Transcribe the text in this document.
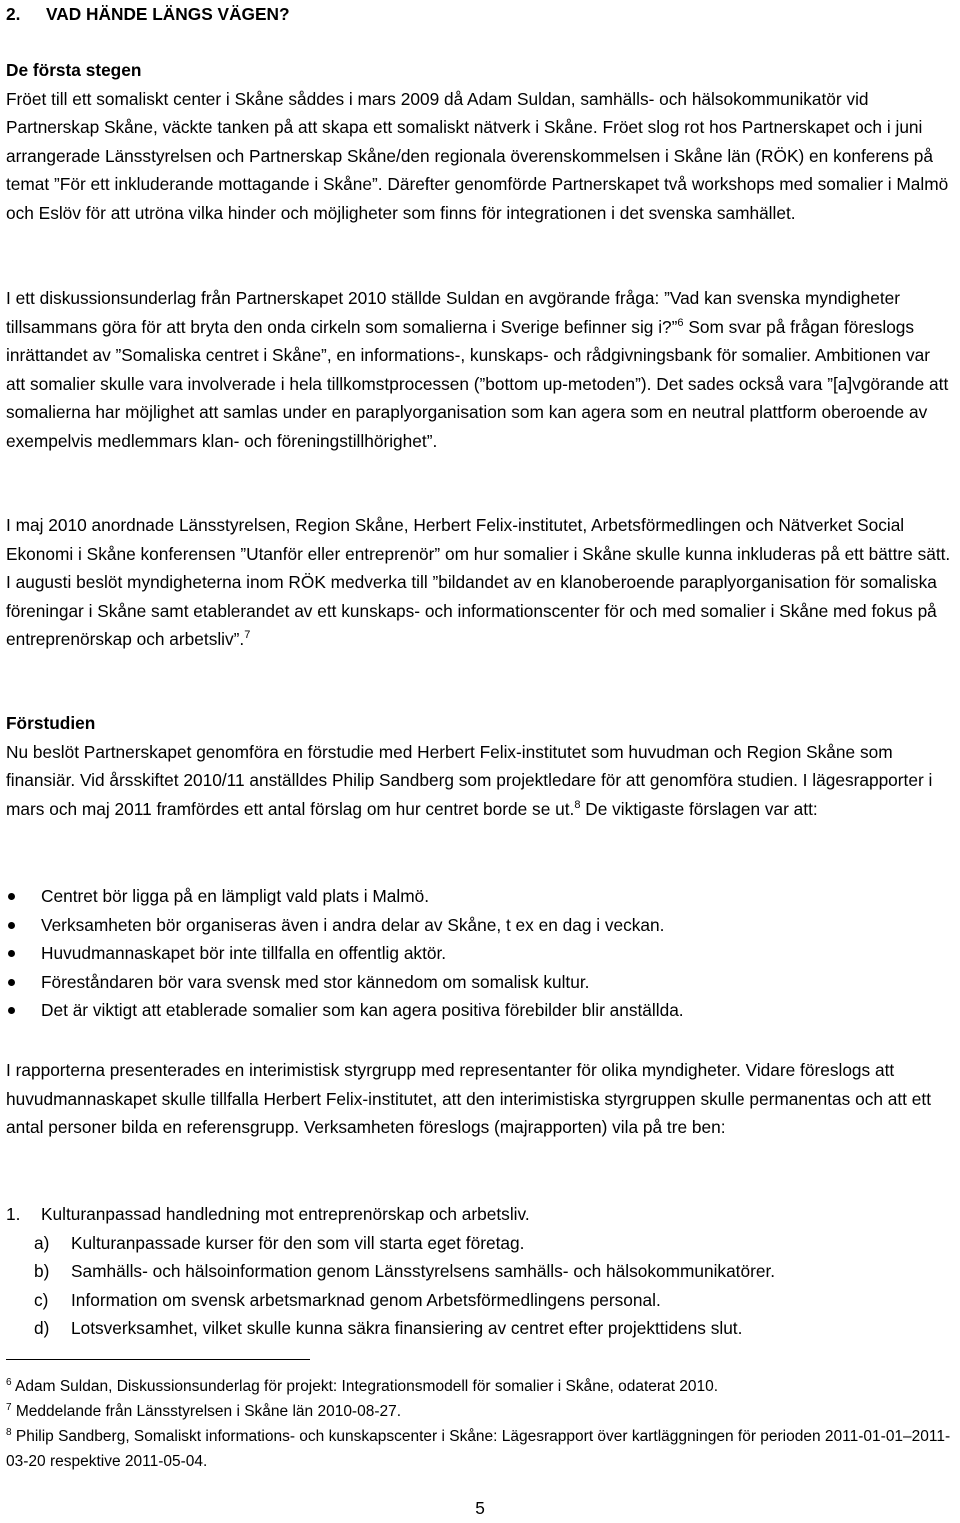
2. VAD HÄNDE LÄNGS VÄGEN?

De första stegen

Fröet till ett somaliskt center i Skåne såddes i mars 2009 då Adam Suldan, samhälls- och hälsokommunikatör vid Partnerskap Skåne, väckte tanken på att skapa ett somaliskt nätverk i Skåne. Fröet slog rot hos Partnerskapet och i juni arrangerade Länsstyrelsen och Partnerskap Skåne/den regionala överenskommelsen i Skåne län (RÖK) en konferens på temat ”För ett inkluderande mottagande i Skåne”. Därefter genomförde Partnerskapet två workshops med somalier i Malmö och Eslöv för att utröna vilka hinder och möjligheter som finns för integrationen i det svenska samhället.

I ett diskussionsunderlag från Partnerskapet 2010 ställde Suldan en avgörande fråga: ”Vad kan svenska myndigheter tillsammans göra för att bryta den onda cirkeln som somalierna i Sverige befinner sig i?”$^6$ Som svar på frågan föreslogs inrättandet av ”Somaliska centret i Skåne”, en informations-, kunskaps- och rådgivningsbank för somalier. Ambitionen var att somalier skulle vara involverade i hela tillkomstprocessen (”bottom up-metoden”). Det sades också vara ”[a]vgörande att somalierna har möjlighet att samlas under en paraplyorganisation som kan agera som en neutral plattform oberoende av exempelvis medlemmars klan- och föreningstillhörighet”.

I maj 2010 anordnade Länsstyrelsen, Region Skåne, Herbert Felix-institutet, Arbetsförmedlingen och Nätverket Social Ekonomi i Skåne konferensen ”Utanför eller entreprenör” om hur somalier i Skåne skulle kunna inkluderas på ett bättre sätt. I augusti beslöt myndigheterna inom RÖK medverka till ”bildandet av en klanoberoende paraplyorganisation för somaliska föreningar i Skåne samt etablerandet av ett kunskaps- och informationscenter för och med somalier i Skåne med fokus på entreprenörskap och arbetsliv”.$^7$

Förstudien

Nu beslöt Partnerskapet genomföra en förstudie med Herbert Felix-institutet som huvudman och Region Skåne som finansiär. Vid årsskiftet 2010/11 anställdes Philip Sandberg som projektledare för att genomföra studien. I lägesrapporter i mars och maj 2011 framfördes ett antal förslag om hur centret borde se ut.$^8$ De viktigaste förslagen var att:

Centret bör ligga på en lämpligt vald plats i Malmö.
Verksamheten bör organiseras även i andra delar av Skåne, t ex en dag i veckan.
Huvudmannaskapet bör inte tillfalla en offentlig aktör.
Föreståndaren bör vara svensk med stor kännedom om somalisk kultur.
Det är viktigt att etablerade somalier som kan agera positiva förebilder blir anställda.

I rapporterna presenterades en interimistisk styrgrupp med representanter för olika myndigheter. Vidare föreslogs att huvudmannaskapet skulle tillfalla Herbert Felix-institutet, att den interimistiska styrgruppen skulle permanentas och att ett antal personer bilda en referensgrupp. Verksamheten föreslogs (majrapporten) vila på tre ben:

1.	Kulturanpassad handledning mot entreprenörskap och arbetsliv.
a)	Kulturanpassade kurser för den som vill starta eget företag.
b)	Samhälls- och hälsoinformation genom Länsstyrelsens samhälls- och hälsokommunikatörer.
c)	Information om svensk arbetsmarknad genom Arbetsförmedlingens personal.
d)	Lotsverksamhet, vilket skulle kunna säkra finansiering av centret efter projekttidens slut.

$^6$ Adam Suldan, Diskussionsunderlag för projekt: Integrationsmodell för somalier i Skåne, odaterat 2010.

$^7$ Meddelande från Länsstyrelsen i Skåne län 2010-08-27.

$^8$ Philip Sandberg, Somaliskt informations- och kunskapscenter i Skåne: Lägesrapport över kartläggningen för perioden 2011-01-01–2011-03-20 respektive 2011-05-04.

5
